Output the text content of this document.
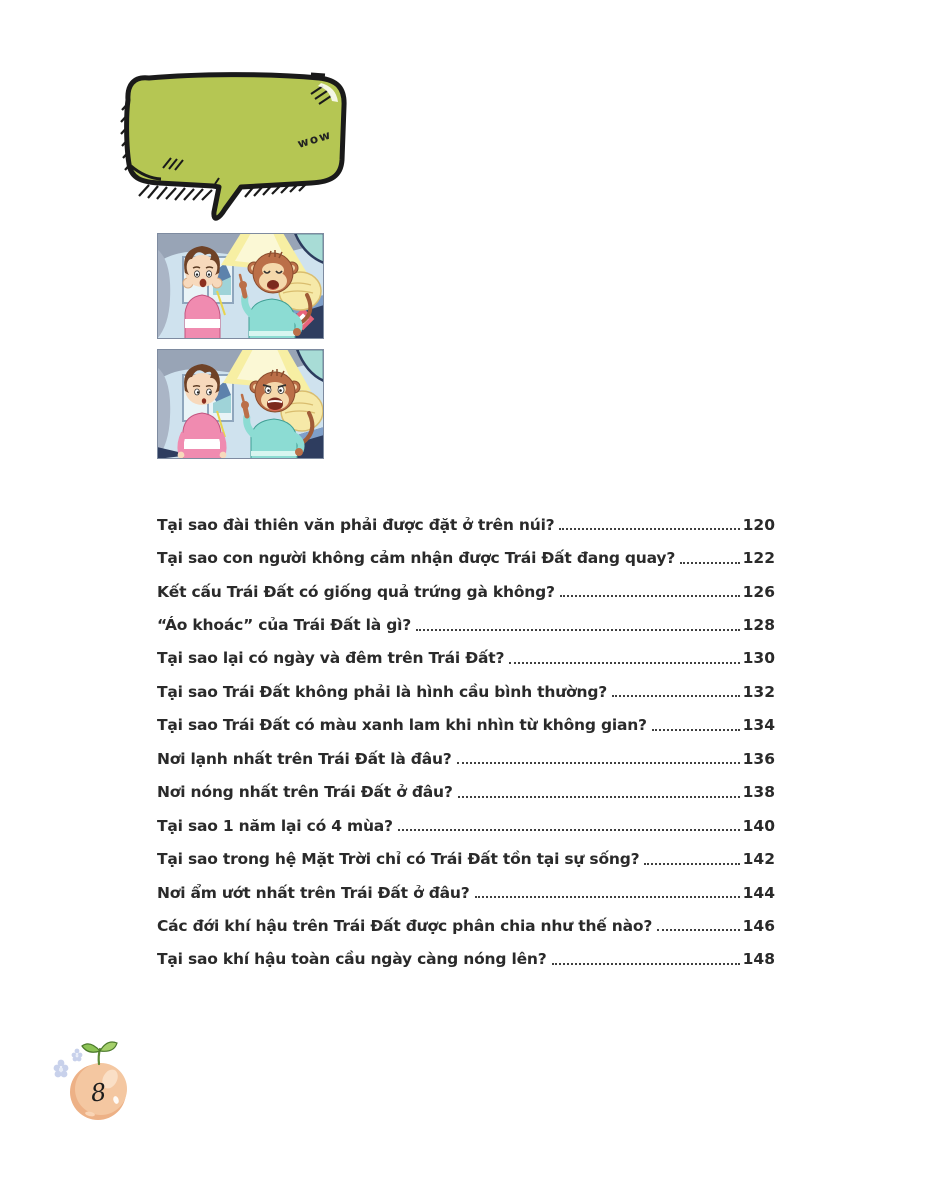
wow
Tại sao đài thiên văn phải được đặt ở trên núi?	120
Tại sao con người không cảm nhận được Trái Đất đang quay?	122
Kết cấu Trái Đất có giống quả trứng gà không?	126
“Áo khoác” của Trái Đất là gì?	128
Tại sao lại có ngày và đêm trên Trái Đất?	130
Tại sao Trái Đất không phải là hình cầu bình thường?	132
Tại sao Trái Đất có màu xanh lam khi nhìn từ không gian?	134
Nơi lạnh nhất trên Trái Đất là đâu?	136
Nơi nóng nhất trên Trái Đất ở đâu?	138
Tại sao 1 năm lại có 4 mùa?	140
Tại sao trong hệ Mặt Trời chỉ có Trái Đất tồn tại sự sống?	142
Nơi ẩm ướt nhất trên Trái Đất ở đâu?	144
Các đới khí hậu trên Trái Đất được phân chia như thế nào?	146
Tại sao khí hậu toàn cầu ngày càng nóng lên?	148
8
